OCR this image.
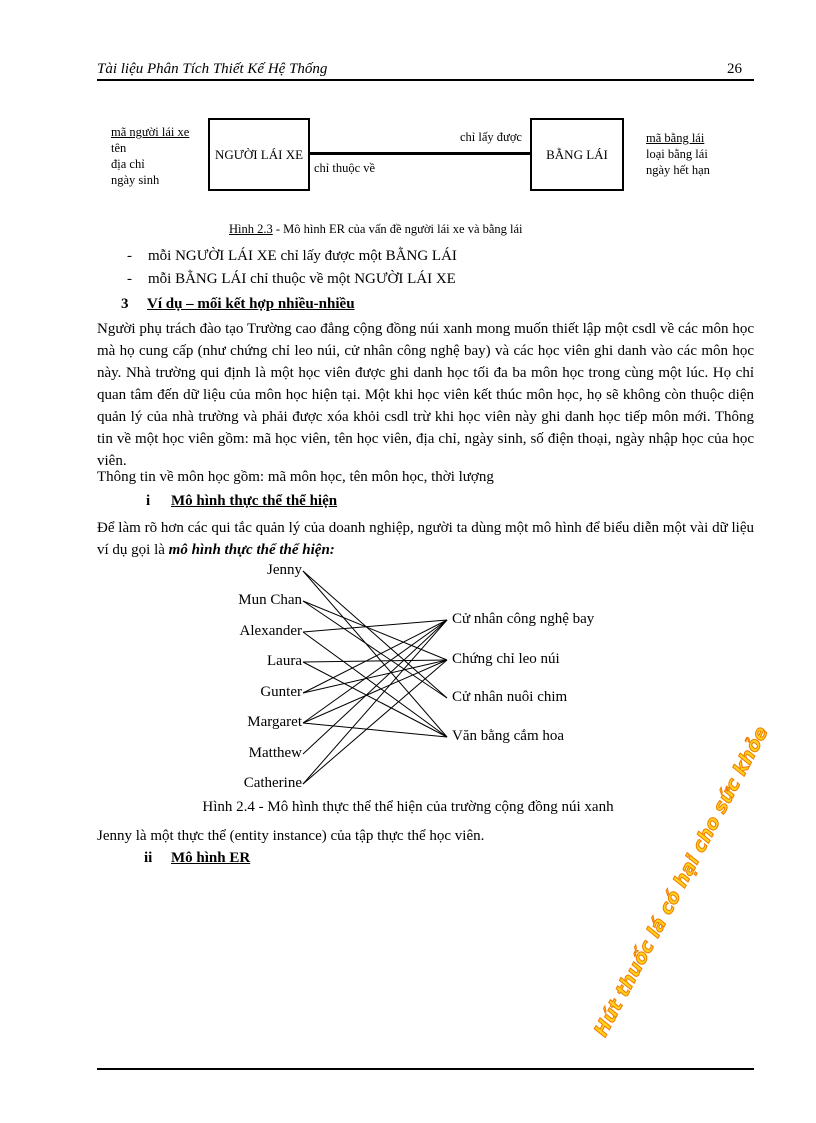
Tài liệu Phân Tích Thiết Kế Hệ Thống	26
mã người lái xe
tên
địa chỉ
ngày sinh
NGƯỜI LÁI XE
chỉ lấy được
chỉ thuộc về
BẰNG LÁI
mã bằng lái
loại bằng lái
ngày hết hạn
Hình 2.3 - Mô hình ER của vấn đề người lái xe và bằng lái
- mỗi NGƯỜI LÁI XE chỉ lấy được một BẰNG LÁI
- mỗi BẰNG LÁI chỉ thuộc về một NGƯỜI LÁI XE
3 Ví dụ – mối kết hợp nhiều-nhiều
Người phụ trách đào tạo Trường cao đẳng cộng đồng núi xanh mong muốn thiết lập một csdl về các môn học mà họ cung cấp (như chứng chỉ leo núi, cử nhân công nghệ bay) và các học viên ghi danh vào các môn học này. Nhà trường qui định là một học viên được ghi danh học tối đa ba môn học trong cùng một lúc. Họ chỉ quan tâm đến dữ liệu của môn học hiện tại. Một khi học viên kết thúc môn học, họ sẽ không còn thuộc diện quản lý của nhà trường và phải được xóa khỏi csdl trừ khi học viên này ghi danh học tiếp môn mới. Thông tin về một học viên gồm: mã học viên, tên học viên, địa chỉ, ngày sinh, số điện thoại, ngày nhập học của học viên.
Thông tin về môn học gồm: mã môn học, tên môn học, thời lượng
i Mô hình thực thể thể hiện
Để làm rõ hơn các qui tắc quản lý của doanh nghiệp, người ta dùng một mô hình để biểu diễn một vài dữ liệu ví dụ gọi là mô hình thực thể thể hiện:
Jenny
Mun Chan
Alexander
Laura
Gunter
Margaret
Matthew
Catherine
Cử nhân công nghệ bay
Chứng chỉ leo núi
Cử nhân nuôi chim
Văn bằng cắm hoa
Hình 2.4 - Mô hình thực thể thể hiện của trường cộng đồng núi xanh
Jenny là một thực thể (entity instance) của tập thực thể học viên.
ii Mô hình ER	Hút thuốc lá có hại cho sức khỏe
